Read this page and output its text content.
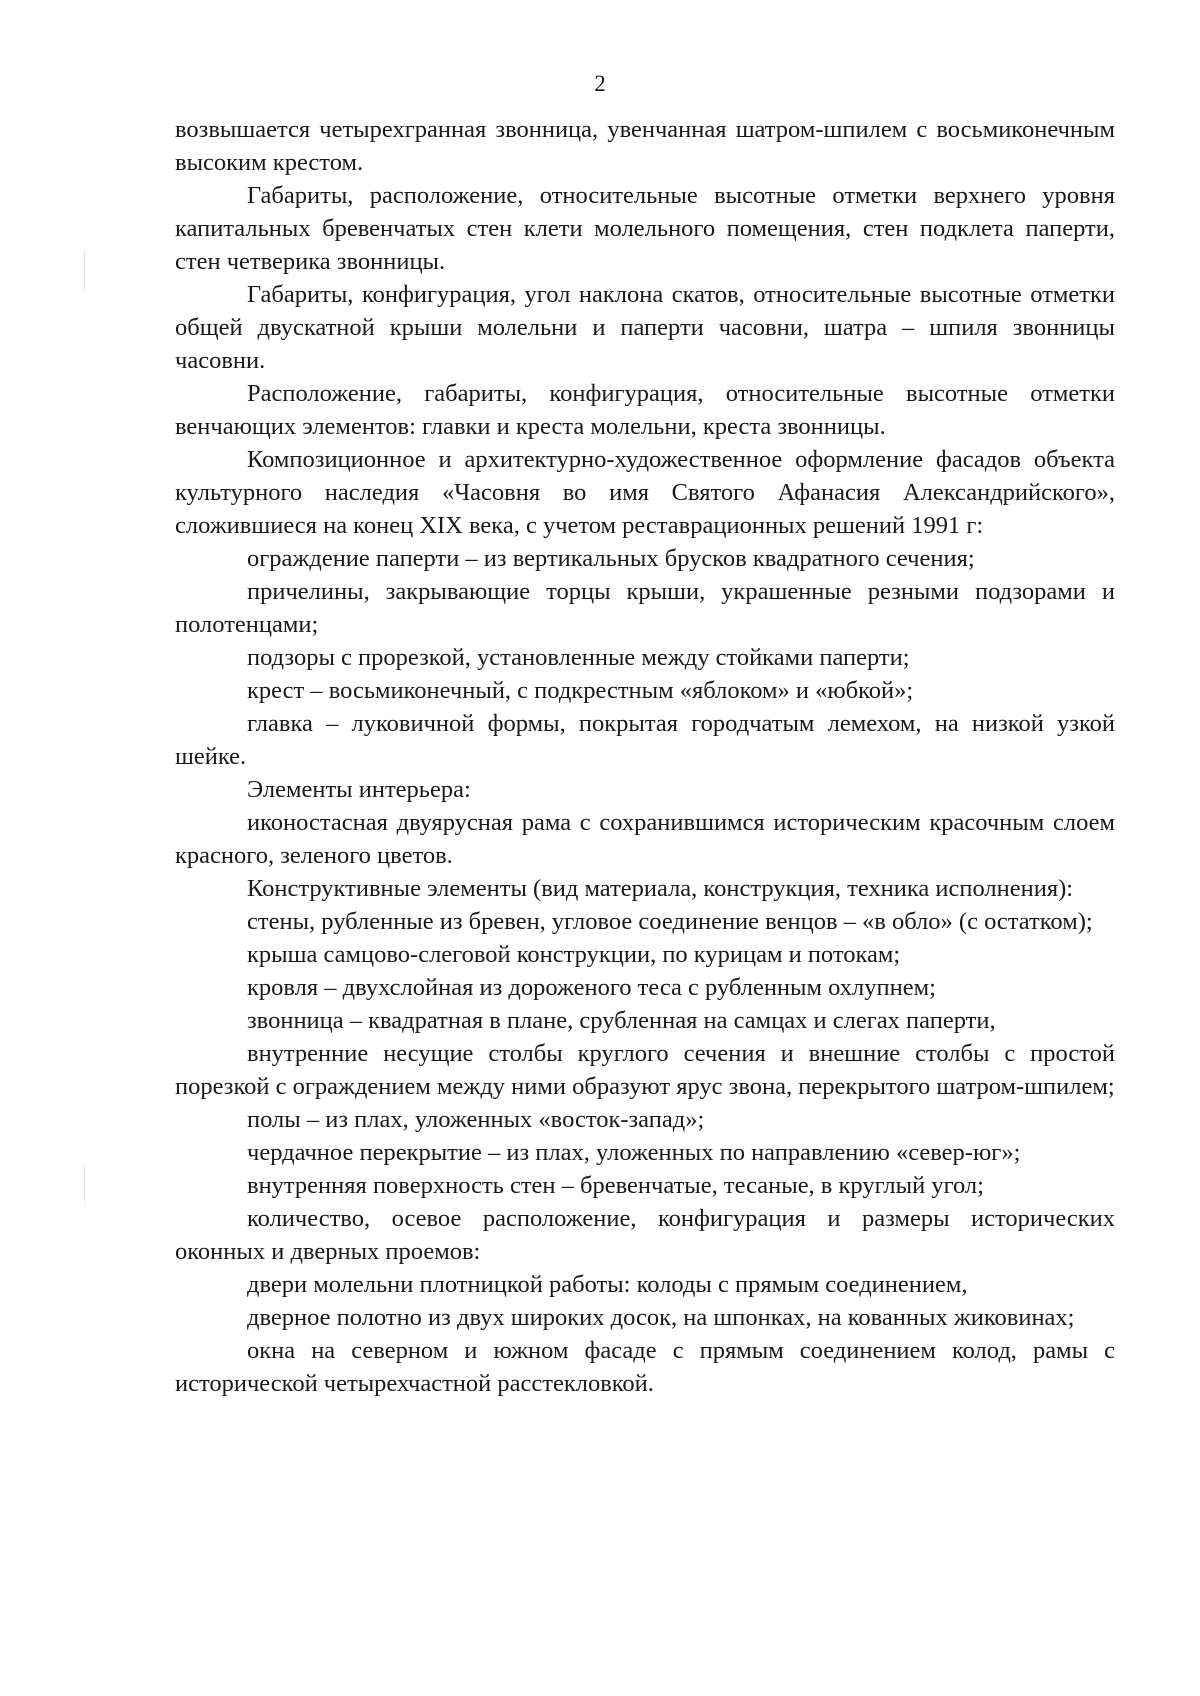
2

возвышается четырехгранная звонница, увенчанная шатром-шпилем с восьмиконечным высоким крестом.

Габариты, расположение, относительные высотные отметки верхнего уровня капитальных бревенчатых стен клети молельного помещения, стен подклета паперти, стен четверика звонницы.

Габариты, конфигурация, угол наклона скатов, относительные высотные отметки общей двускатной крыши молельни и паперти часовни, шатра – шпиля звонницы часовни.

Расположение, габариты, конфигурация, относительные высотные отметки венчающих элементов: главки и креста молельни, креста звонницы.

Композиционное и архитектурно-художественное оформление фасадов объекта культурного наследия «Часовня во имя Святого Афанасия Александрийского», сложившиеся на конец XIX века, с учетом реставрационных решений 1991 г:

ограждение паперти – из вертикальных брусков квадратного сечения;

причелины, закрывающие торцы крыши, украшенные резными подзорами и полотенцами;

подзоры с прорезкой, установленные между стойками паперти;

крест – восьмиконечный, с подкрестным «яблоком» и «юбкой»;

главка – луковичной формы, покрытая городчатым лемехом, на низкой узкой шейке.

Элементы интерьера:

иконостасная двуярусная рама с сохранившимся историческим красочным слоем красного, зеленого цветов.

Конструктивные элементы (вид материала, конструкция, техника исполнения):

стены, рубленные из бревен, угловое соединение венцов – «в обло» (с остатком);

крыша самцово-слеговой конструкции, по курицам и потокам;

кровля – двухслойная из дороженого теса с рубленным охлупнем;

звонница – квадратная в плане, срубленная на самцах и слегах паперти,

внутренние несущие столбы круглого сечения и внешние столбы с простой порезкой с ограждением между ними образуют ярус звона, перекрытого шатром-шпилем;

полы – из плах, уложенных «восток-запад»;

чердачное перекрытие – из плах, уложенных по направлению «север-юг»;

внутренняя поверхность стен – бревенчатые, тесаные, в круглый угол;

количество, осевое расположение, конфигурация и размеры исторических оконных и дверных проемов:

двери молельни плотницкой работы: колоды с прямым соединением,

дверное полотно из двух широких досок, на шпонках, на кованных жиковинах;

окна на северном и южном фасаде с прямым соединением колод, рамы с исторической четырехчастной расстекловкой.
